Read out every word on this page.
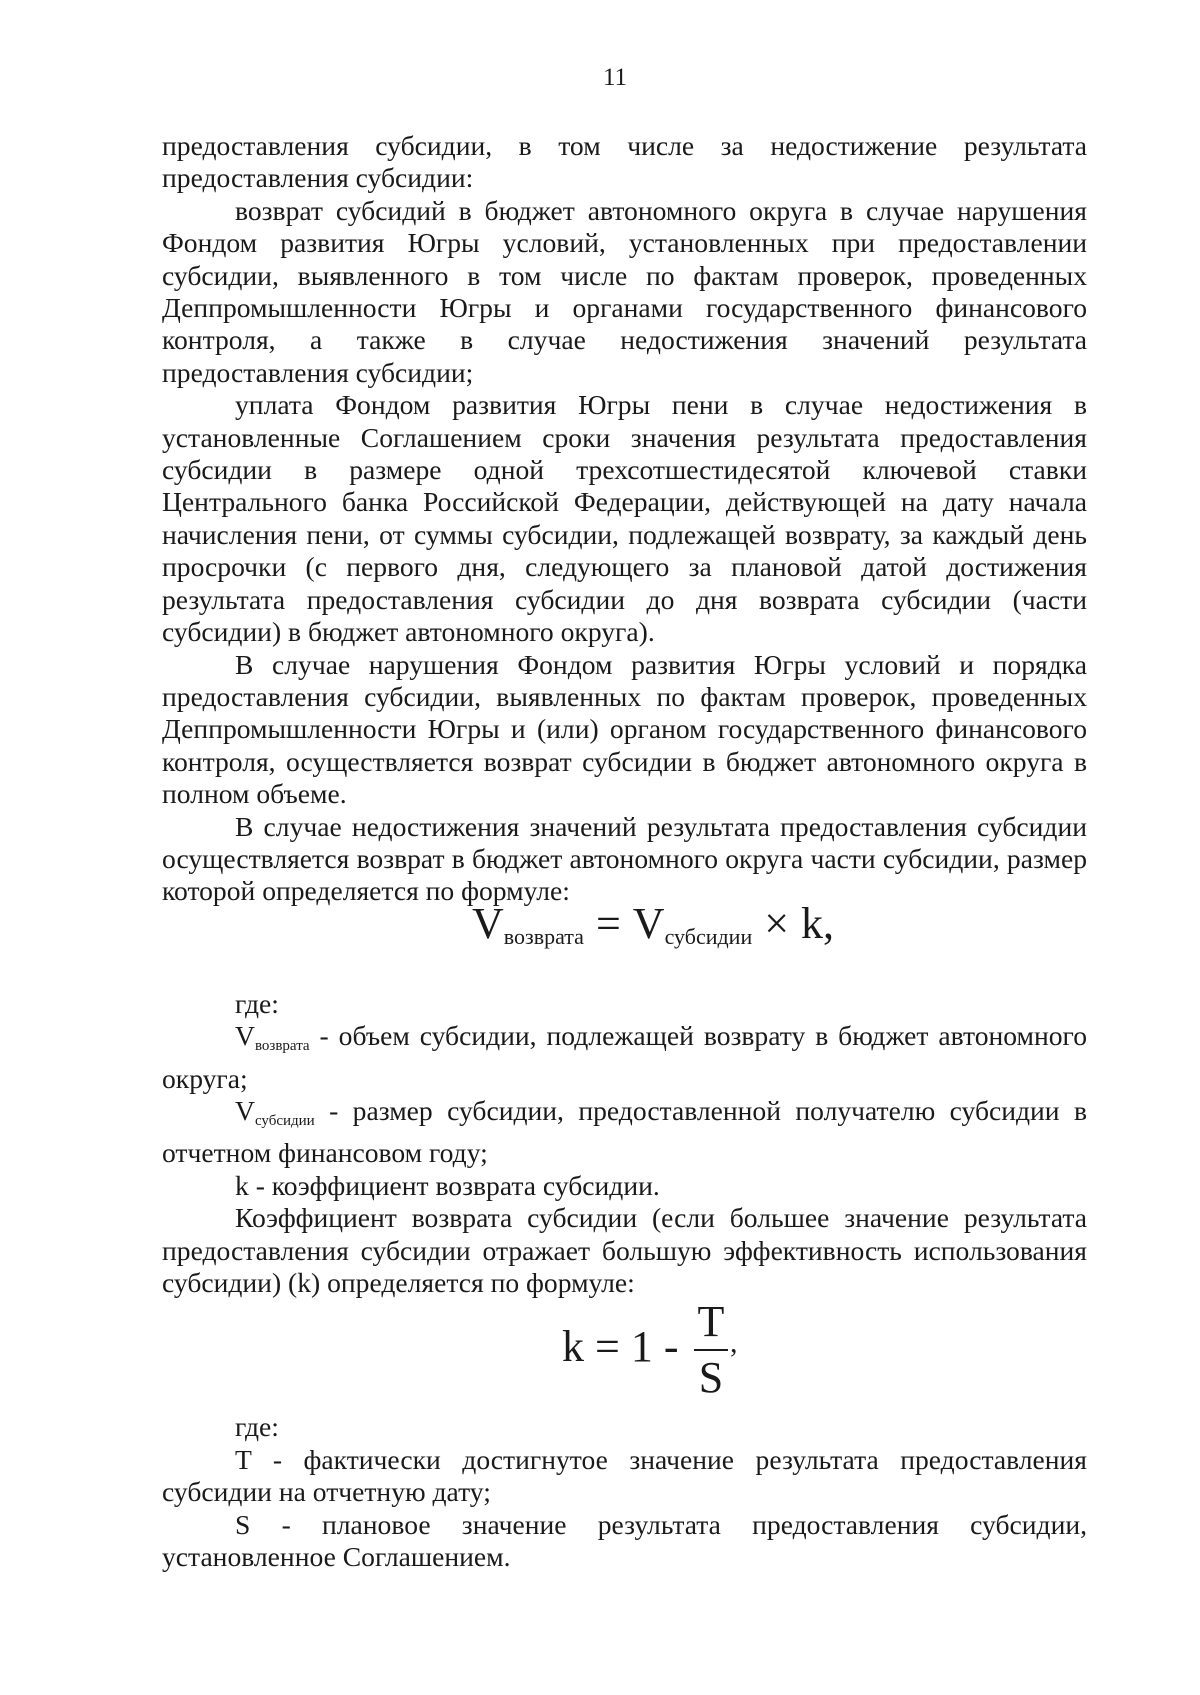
11

предоставления субсидии, в том числе за недостижение результата предоставления субсидии:

возврат субсидий в бюджет автономного округа в случае нарушения Фондом развития Югры условий, установленных при предоставлении субсидии, выявленного в том числе по фактам проверок, проведенных Деппромышленности Югры и органами государственного финансового контроля, а также в случае недостижения значений результата предоставления субсидии;

уплата Фондом развития Югры пени в случае недостижения в установленные Соглашением сроки значения результата предоставления субсидии в размере одной трехсотшестидесятой ключевой ставки Центрального банка Российской Федерации, действующей на дату начала начисления пени, от суммы субсидии, подлежащей возврату, за каждый день просрочки (с первого дня, следующего за плановой датой достижения результата предоставления субсидии до дня возврата субсидии (части субсидии) в бюджет автономного округа).

В случае нарушения Фондом развития Югры условий и порядка предоставления субсидии, выявленных по фактам проверок, проведенных Деппромышленности Югры и (или) органом государственного финансового контроля, осуществляется возврат субсидии в бюджет автономного округа в полном объеме.

В случае недостижения значений результата предоставления субсидии осуществляется возврат в бюджет автономного округа части субсидии, размер которой определяется по формуле:

$V_{возврата} = V_{субсидии} \times k$,

где:

Vвозврата - объем субсидии, подлежащей возврату в бюджет автономного округа;

Vсубсидии - размер субсидии, предоставленной получателю субсидии в отчетном финансовом году;

k - коэффициент возврата субсидии.

Коэффициент возврата субсидии (если большее значение результата предоставления субсидии отражает большую эффективность использования субсидии) (k) определяется по формуле:

k = 1 -
T
S
,

где:

T - фактически достигнутое значение результата предоставления субсидии на отчетную дату;

S - плановое значение результата предоставления субсидии, установленное Соглашением.
